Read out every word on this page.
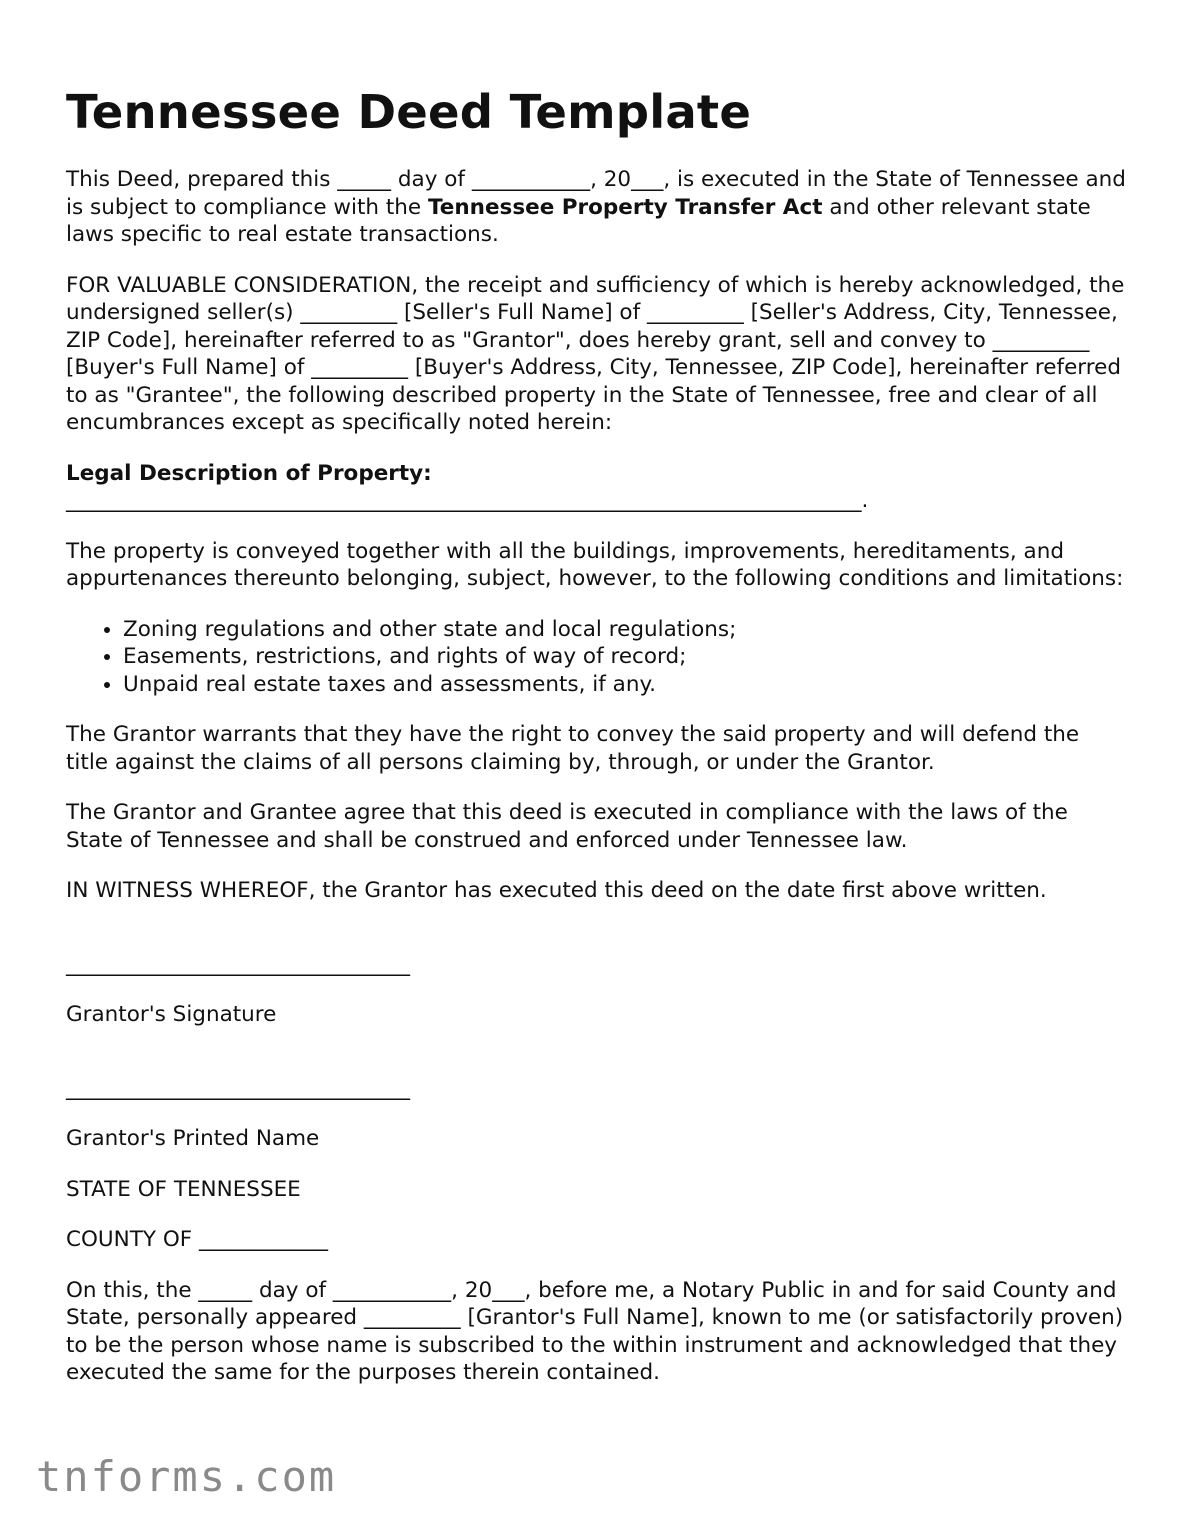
Tennessee Deed Template

This Deed, prepared this _____ day of ___________, 20___, is executed in the State of Tennessee and is subject to compliance with the Tennessee Property Transfer Act and other relevant state laws specific to real estate transactions.

FOR VALUABLE CONSIDERATION, the receipt and sufficiency of which is hereby acknowledged, the undersigned seller(s) _________ [Seller's Full Name] of _________ [Seller's Address, City, Tennessee, ZIP Code], hereinafter referred to as "Grantor", does hereby grant, sell and convey to _________ [Buyer's Full Name] of _________ [Buyer's Address, City, Tennessee, ZIP Code], hereinafter referred to as "Grantee", the following described property in the State of Tennessee, free and clear of all encumbrances except as specifically noted herein:

Legal Description of Property:

__________________________________________________________________________.

The property is conveyed together with all the buildings, improvements, hereditaments, and appurtenances thereunto belonging, subject, however, to the following conditions and limitations:

• Zoning regulations and other state and local regulations;
• Easements, restrictions, and rights of way of record;
• Unpaid real estate taxes and assessments, if any.

The Grantor warrants that they have the right to convey the said property and will defend the title against the claims of all persons claiming by, through, or under the Grantor.

The Grantor and Grantee agree that this deed is executed in compliance with the laws of the State of Tennessee and shall be construed and enforced under Tennessee law.

IN WITNESS WHEREOF, the Grantor has executed this deed on the date first above written.

________________________________

Grantor's Signature

________________________________

Grantor's Printed Name

STATE OF TENNESSEE

COUNTY OF ____________

On this, the _____ day of ___________, 20___, before me, a Notary Public in and for said County and State, personally appeared _________ [Grantor's Full Name], known to me (or satisfactorily proven) to be the person whose name is subscribed to the within instrument and acknowledged that they executed the same for the purposes therein contained.

tnforms.com
